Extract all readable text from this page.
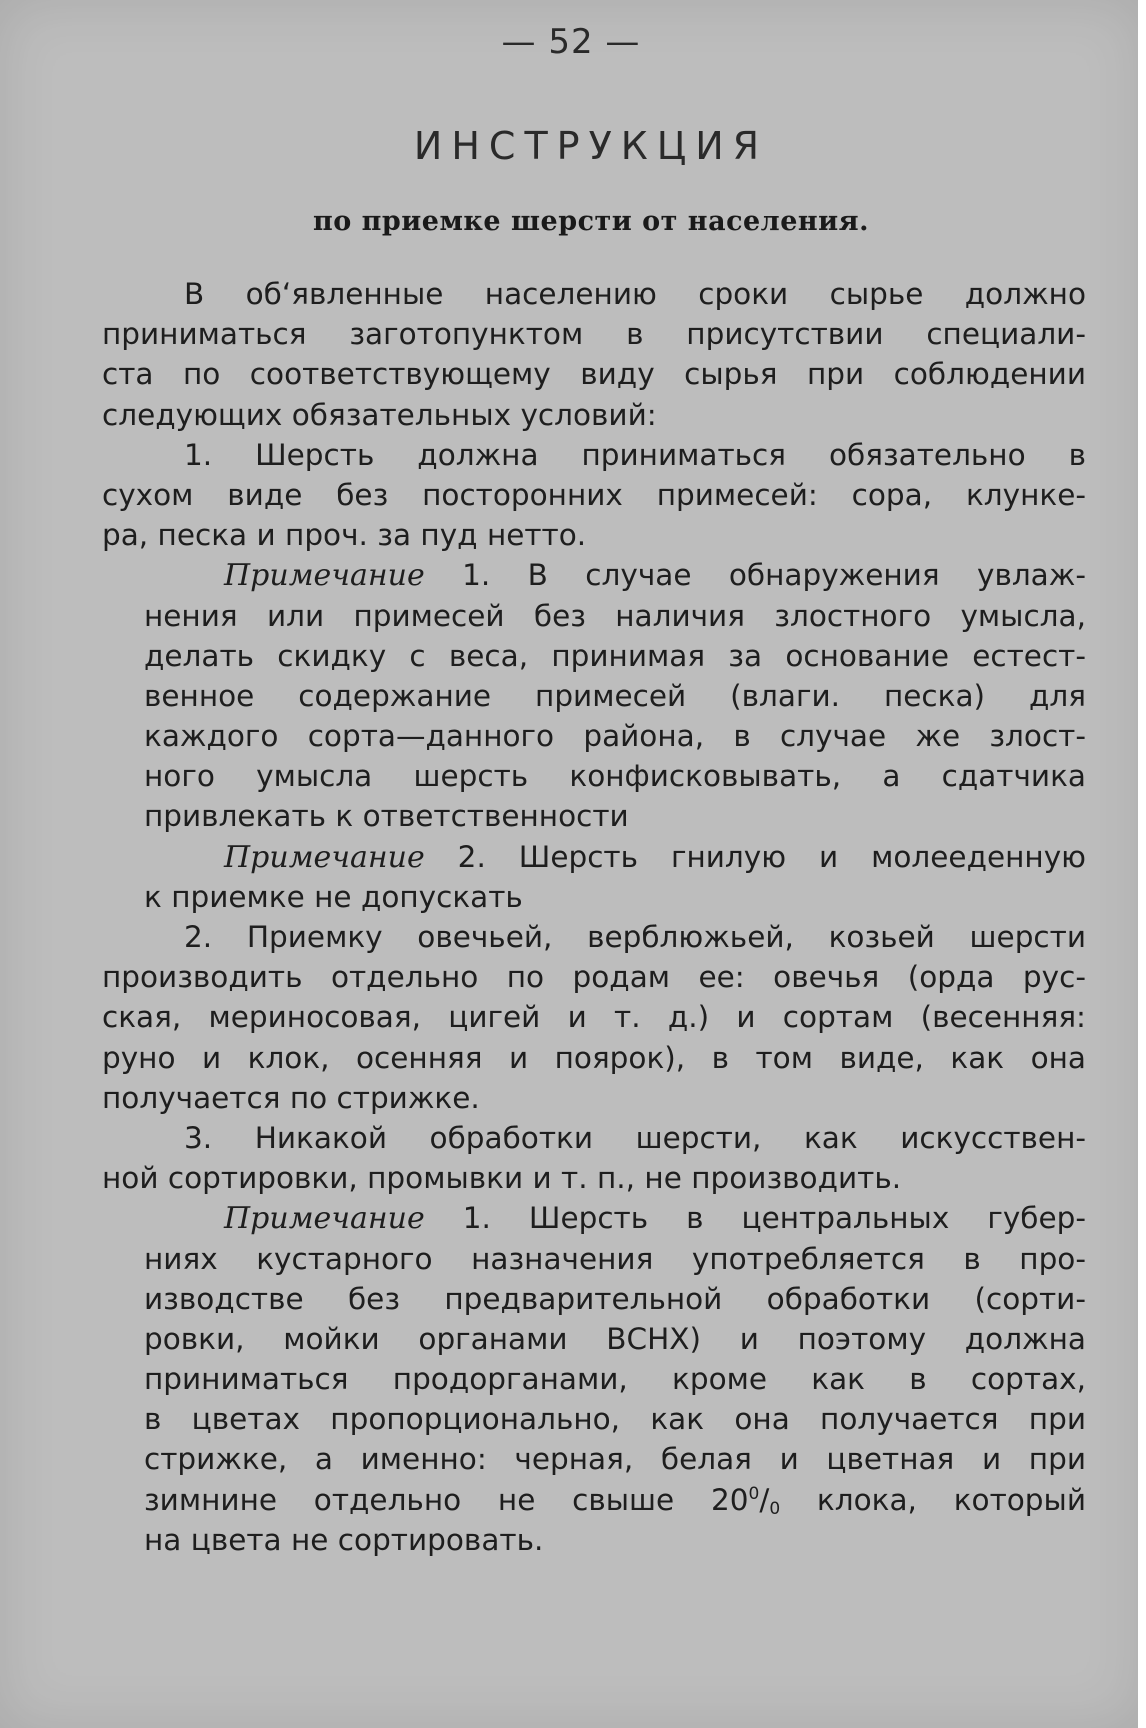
— 52 —
ИНСТРУКЦИЯ
по приемке шерсти от населения.
В об‘явленные населению сроки сырье должно
приниматься заготопунктом в присутствии специали-
ста по соответствующему виду сырья при соблюдении
следующих обязательных условий:
1. Шерсть должна приниматься обязательно в
сухом виде без посторонних примесей: сора, клунке-
ра, песка и проч. за пуд нетто.
Примечание 1. В случае обнаружения увлаж-
нения или примесей без наличия злостного умысла,
делать скидку с веса, принимая за основание естест-
венное содержание примесей (влаги. песка) для
каждого сорта—данного района, в случае же злост-
ного умысла шерсть конфисковывать, а сдатчика
привлекать к ответственности
Примечание 2. Шерсть гнилую и молееденную
к приемке не допускать
2. Приемку овечьей, верблюжьей, козьей шерсти
производить отдельно по родам ее: овечья (орда рус-
ская, мериносовая, цигей и т. д.) и сортам (весенняя:
руно и клок, осенняя и поярок), в том виде, как она
получается по стрижке.
3. Никакой обработки шерсти, как искусствен-
ной сортировки, промывки и т. п., не производить.
Примечание 1. Шерсть в центральных губер-
ниях кустарного назначения употребляется в про-
изводстве без предварительной обработки (сорти-
ровки, мойки органами ВСНХ) и поэтому должна
приниматься продорганами, кроме как в сортах,
в цветах пропорционально, как она получается при
стрижке, а именно: черная, белая и цветная и при
зимнине отдельно не свыше $20^0/_0$ клока, который
на цвета не сортировать.
